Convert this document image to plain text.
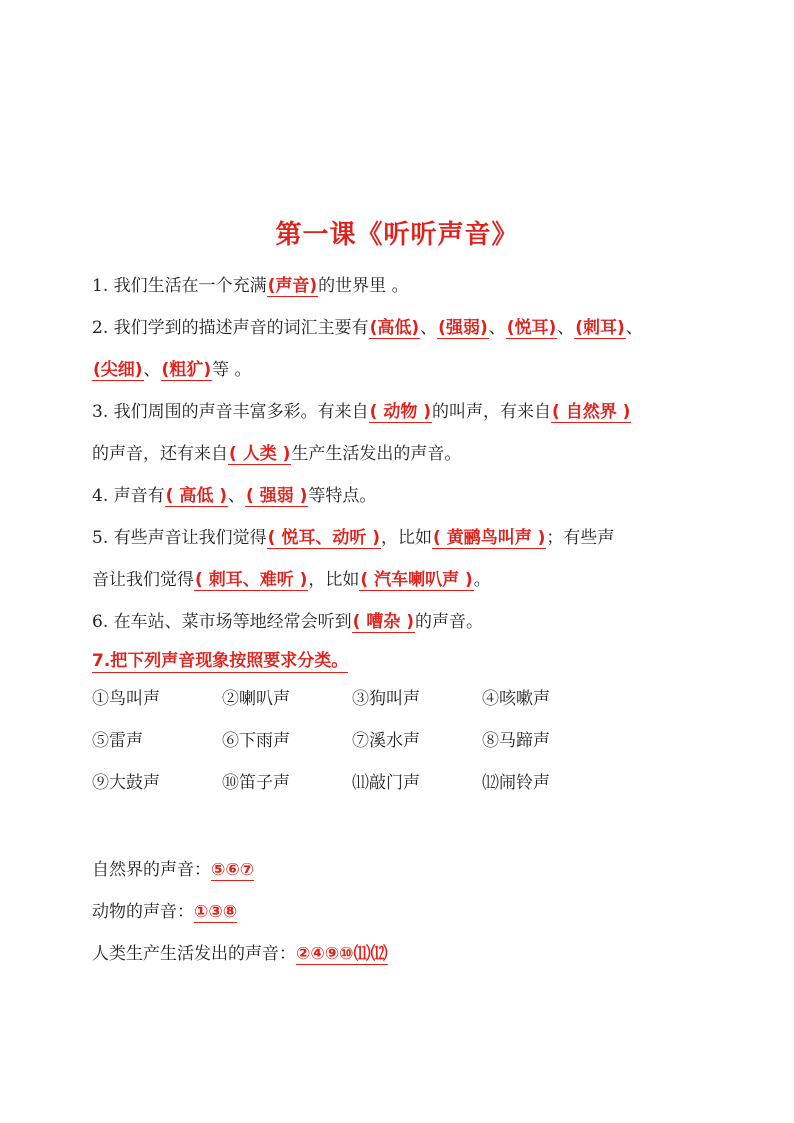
第一课《听听声音》
1. 我们生活在一个充满(声音)的世界里 。
2. 我们学到的描述声音的词汇主要有(高低)、(强弱)、(悦耳)、(刺耳)、
(尖细)、(粗犷)等 。
3. 我们周围的声音丰富多彩。有来自( 动物 )的叫声，有来自( 自然界 )
的声音，还有来自( 人类 )生产生活发出的声音。
4. 声音有( 高低 )、( 强弱 )等特点。
5. 有些声音让我们觉得( 悦耳、动听 )，比如( 黄鹂鸟叫声 )；有些声
音让我们觉得( 刺耳、难听 )，比如( 汽车喇叭声 )。
6. 在车站、菜市场等地经常会听到( 嘈杂 )的声音。
7.把下列声音现象按照要求分类。
①鸟叫声	②喇叭声	③狗叫声	④咳嗽声
⑤雷声	⑥下雨声	⑦溪水声	⑧马蹄声
⑨大鼓声	⑩笛子声	⑾敲门声	⑿闹铃声
自然界的声音：⑤⑥⑦
动物的声音：①③⑧
人类生产生活发出的声音：②④⑨⑩⑾⑿
